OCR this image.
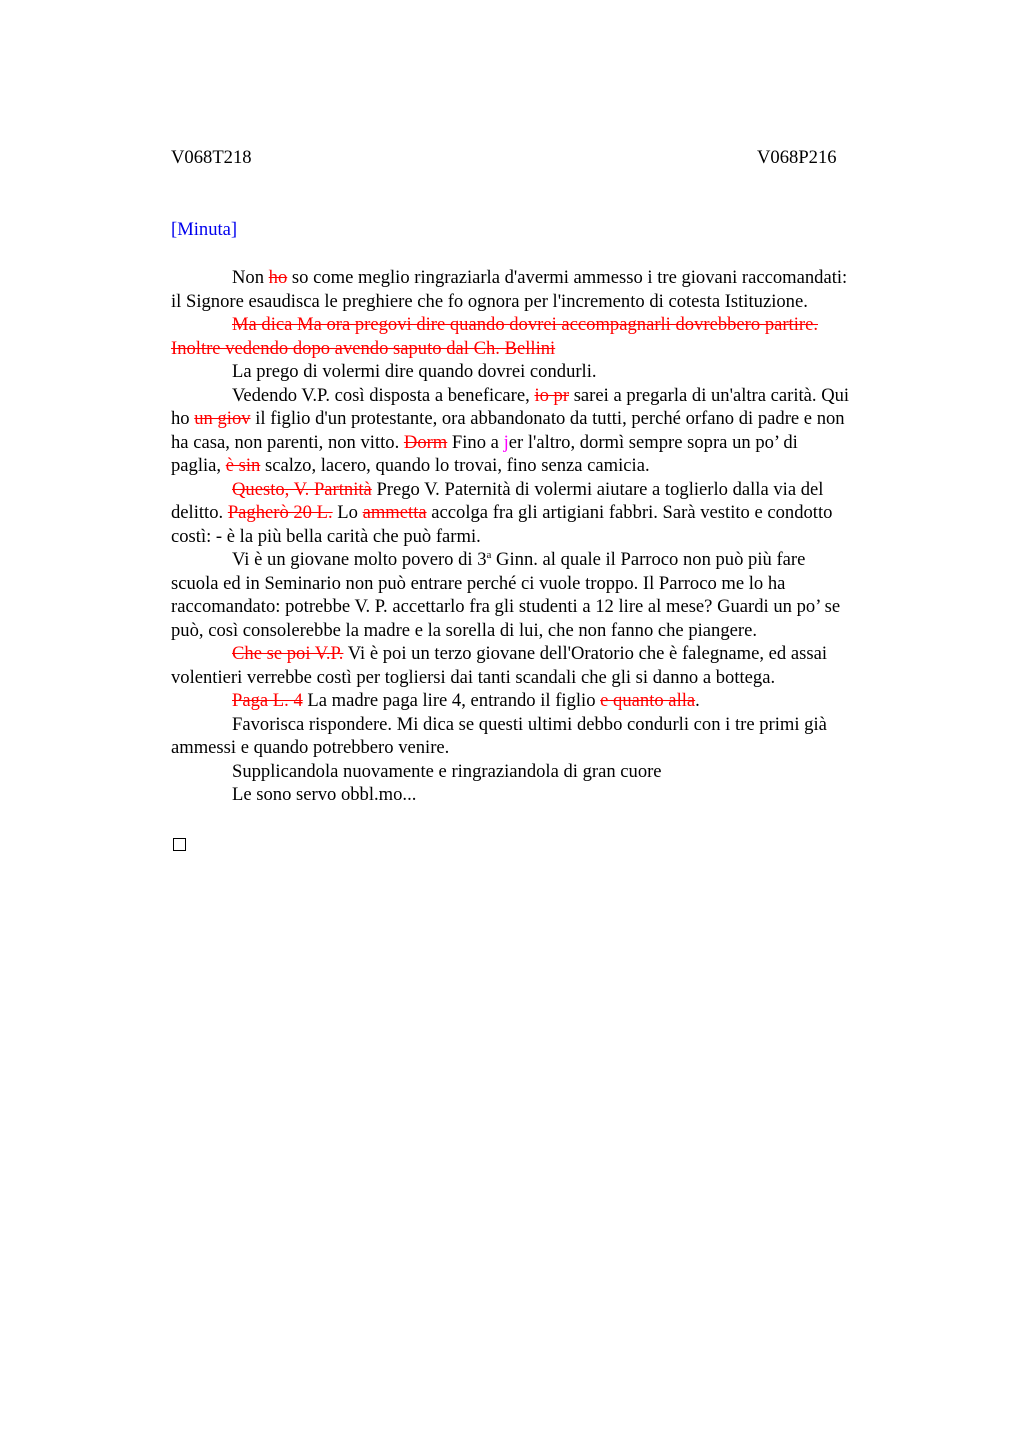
V068T218	V068P216
[Minuta]
Non ho so come meglio ringraziarla d'avermi ammesso i tre giovani raccomandati:
il Signore esaudisca le preghiere che fo ognora per l'incremento di cotesta Istituzione.
Ma dica Ma ora pregovi dire quando dovrei accompagnarli dovrebbero partire.
Inoltre vedendo dopo avendo saputo dal Ch. Bellini
La prego di volermi dire quando dovrei condurli.
Vedendo V.P. così disposta a beneficare, io pr sarei a pregarla di un'altra carità. Qui
ho un giov il figlio d'un protestante, ora abbandonato da tutti, perché orfano di padre e non
ha casa, non parenti, non vitto. Dorm Fino a jer l'altro, dormì sempre sopra un po’ di
paglia, è sin scalzo, lacero, quando lo trovai, fino senza camicia.
Questo, V. Partnità Prego V. Paternità di volermi aiutare a toglierlo dalla via del
delitto. Pagherò 20 L. Lo ammetta accolga fra gli artigiani fabbri. Sarà vestito e condotto
costì: - è la più bella carità che può farmi.
Vi è un giovane molto povero di 3$^a$ Ginn. al quale il Parroco non può più fare
scuola ed in Seminario non può entrare perché ci vuole troppo. Il Parroco me lo ha
raccomandato: potrebbe V. P. accettarlo fra gli studenti a 12 lire al mese? Guardi un po’ se
può, così consolerebbe la madre e la sorella di lui, che non fanno che piangere.
Che se poi V.P. Vi è poi un terzo giovane dell'Oratorio che è falegname, ed assai
volentieri verrebbe costì per togliersi dai tanti scandali che gli si danno a bottega.
Paga L. 4 La madre paga lire 4, entrando il figlio e quanto alla.
Favorisca rispondere. Mi dica se questi ultimi debbo condurli con i tre primi già
ammessi e quando potrebbero venire.
Supplicandola nuovamente e ringraziandola di gran cuore
Le sono servo obbl.mo...
